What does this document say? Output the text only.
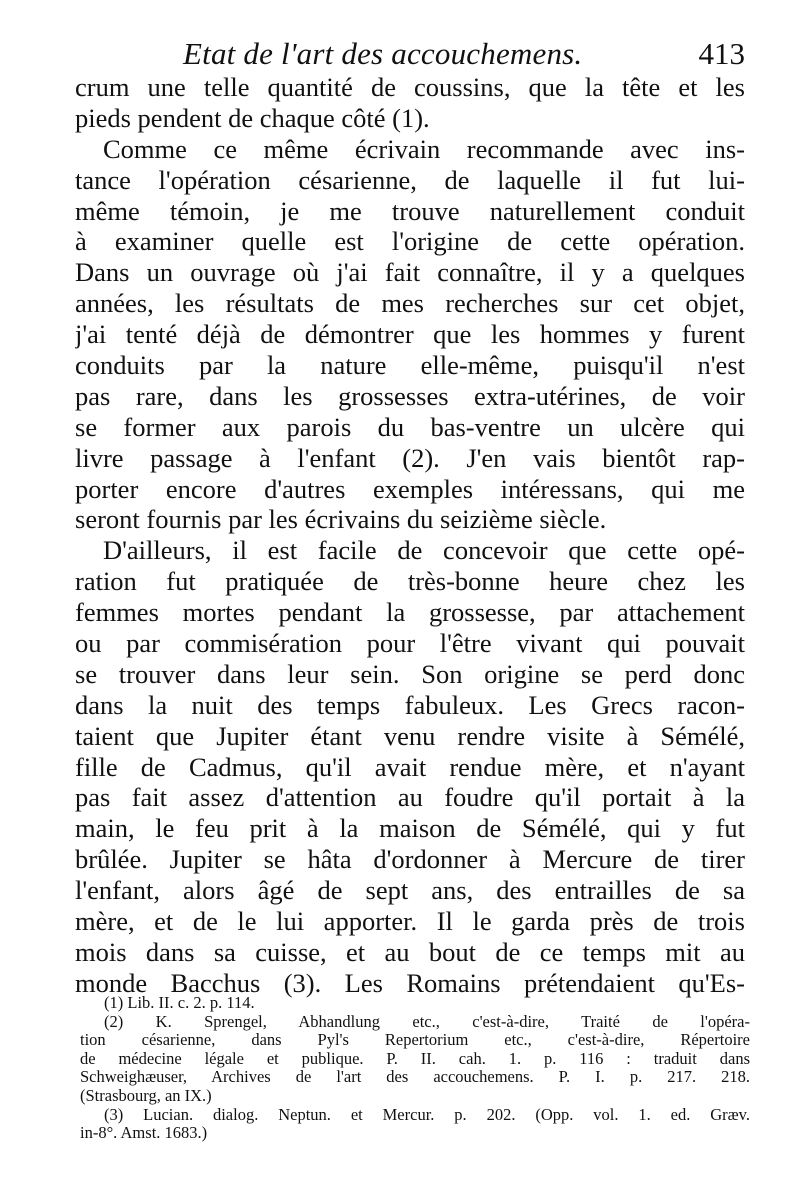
Etat de l'art des accouchemens.	413
crum une telle quantité de coussins, que la tête et les
pieds pendent de chaque côté (1).
Comme ce même écrivain recommande avec ins-
tance l'opération césarienne, de laquelle il fut lui-
même témoin, je me trouve naturellement conduit
à examiner quelle est l'origine de cette opération.
Dans un ouvrage où j'ai fait connaître, il y a quelques
années, les résultats de mes recherches sur cet objet,
j'ai tenté déjà de démontrer que les hommes y furent
conduits par la nature elle-même, puisqu'il n'est
pas rare, dans les grossesses extra-utérines, de voir
se former aux parois du bas-ventre un ulcère qui
livre passage à l'enfant (2). J'en vais bientôt rap-
porter encore d'autres exemples intéressans, qui me
seront fournis par les écrivains du seizième siècle.
D'ailleurs, il est facile de concevoir que cette opé-
ration fut pratiquée de très-bonne heure chez les
femmes mortes pendant la grossesse, par attachement
ou par commisération pour l'être vivant qui pouvait
se trouver dans leur sein. Son origine se perd donc
dans la nuit des temps fabuleux. Les Grecs racon-
taient que Jupiter étant venu rendre visite à Sémélé,
fille de Cadmus, qu'il avait rendue mère, et n'ayant
pas fait assez d'attention au foudre qu'il portait à la
main, le feu prit à la maison de Sémélé, qui y fut
brûlée. Jupiter se hâta d'ordonner à Mercure de tirer
l'enfant, alors âgé de sept ans, des entrailles de sa
mère, et de le lui apporter. Il le garda près de trois
mois dans sa cuisse, et au bout de ce temps mit au
monde Bacchus (3). Les Romains prétendaient qu'Es-
(1) Lib. II. c. 2. p. 114.
(2) K. Sprengel, Abhandlung etc., c'est-à-dire, Traité de l'opéra-
tion césarienne, dans Pyl's Repertorium etc., c'est-à-dire, Répertoire
de médecine légale et publique. P. II. cah. 1. p. 116 : traduit dans
Schweighæuser, Archives de l'art des accouchemens. P. I. p. 217. 218.
(Strasbourg, an IX.)
(3) Lucian. dialog. Neptun. et Mercur. p. 202. (Opp. vol. 1. ed. Græv.
in-8°. Amst. 1683.)
